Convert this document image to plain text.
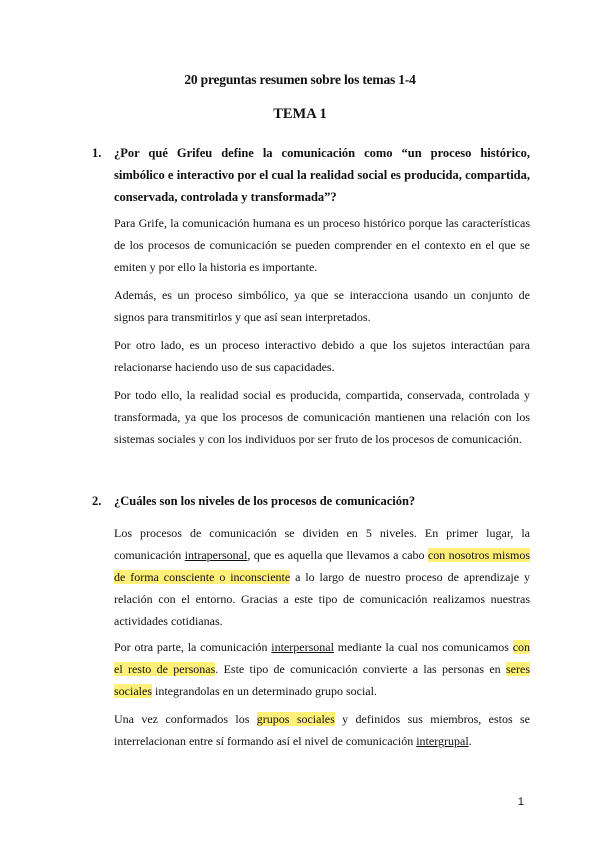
20 preguntas resumen sobre los temas 1-4
TEMA 1
1.	¿Por qué Grifeu define la comunicación como “un proceso histórico, simbólico e interactivo por el cual la realidad social es producida, compartida, conservada, controlada y transformada”?

Para Grife, la comunicación humana es un proceso histórico porque las características de los procesos de comunicación se pueden comprender en el contexto en el que se emiten y por ello la historia es importante.

Además, es un proceso simbólico, ya que se interacciona usando un conjunto de signos para transmitirlos y que así sean interpretados.

Por otro lado, es un proceso interactivo debido a que los sujetos interactúan para relacionarse haciendo uso de sus capacidades.

Por todo ello, la realidad social es producida, compartida, conservada, controlada y transformada, ya que los procesos de comunicación mantienen una relación con los sistemas sociales y con los individuos por ser fruto de los procesos de comunicación.

2.	¿Cuáles son los niveles de los procesos de comunicación?

Los procesos de comunicación se dividen en 5 niveles. En primer lugar, la comunicación intrapersonal, que es aquella que llevamos a cabo con nosotros mismos de forma consciente o inconsciente a lo largo de nuestro proceso de aprendizaje y relación con el entorno. Gracias a este tipo de comunicación realizamos nuestras actividades cotidianas.

Por otra parte, la comunicación interpersonal mediante la cual nos comunicamos con el resto de personas. Este tipo de comunicación convierte a las personas en seres sociales integrandolas en un determinado grupo social.

Una vez conformados los grupos sociales y definidos sus miembros, estos se interrelacionan entre sí formando así el nivel de comunicación intergrupal.

1
